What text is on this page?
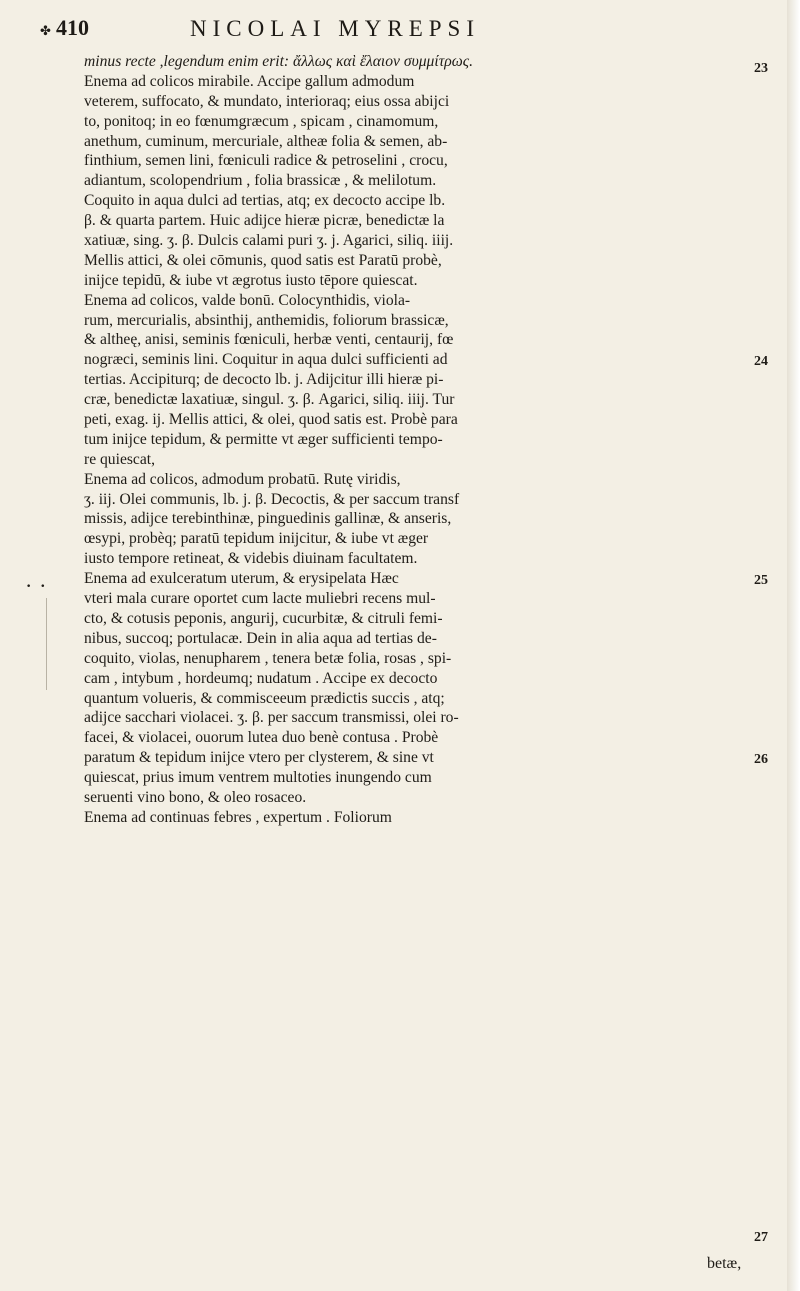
✤ 410	NICOLAI MYREPSI
minus recte ,legendum enim erit: ἄλλως καὶ ἔλαιον συμμίτρως.
Enema ad colicos mirabile. Accipe gallum admodum
veterem, suffocato, & mundato, interioraq; eius ossa abijci
to, ponitoq; in eo fœnumgræcum , spicam , cinamomum,
anethum, cuminum, mercuriale, altheæ folia & semen, ab-
finthium, semen lini, fœniculi radice & petroselini , crocu,
adiantum, scolopendrium , folia brassicæ , & melilotum.
Coquito in aqua dulci ad tertias, atq; ex decocto accipe lb.
β. & quarta partem. Huic adijce hieræ picræ, benedictæ la
xatiuæ, sing. ʒ. β. Dulcis calami puri ʒ. j. Agarici, siliq. iiij.
Mellis attici, & olei cōmunis, quod satis est Paratū probè,
inijce tepidū, & iube vt ægrotus iusto tēpore quiescat.
Enema ad colicos, valde bonū. Colocynthidis, viola-
rum, mercurialis, absinthij, anthemidis, foliorum brassicæ,
& altheę, anisi, seminis fœniculi, herbæ venti, centaurij, fœ
nogræci, seminis lini. Coquitur in aqua dulci sufficienti ad
tertias. Accipiturq; de decocto lb. j. Adijcitur illi hieræ pi-
cræ, benedictæ laxatiuæ, singul. ʒ. β. Agarici, siliq. iiij. Tur
peti, exag. ij. Mellis attici, & olei, quod satis est. Probè para
tum inijce tepidum, & permitte vt æger sufficienti tempo-
re quiescat,
Enema ad colicos, admodum probatū. Rutę viridis,
ʒ. iij. Olei communis, lb. j. β. Decoctis, & per saccum transf
missis, adijce terebinthinæ, pinguedinis gallinæ, & anseris,
œsypi, probèq; paratū tepidum inijcitur, & iube vt æger
iusto tempore retineat, & videbis diuinam facultatem.
Enema ad exulceratum uterum, & erysipelata Hæc
vteri mala curare oportet cum lacte muliebri recens mul-
cto, & cotusis peponis, angurij, cucurbitæ, & citruli femi-
nibus, succoq; portulacæ. Dein in alia aqua ad tertias de-
coquito, violas, nenupharem , tenera betæ folia, rosas , spi-
cam , intybum , hordeumq; nudatum . Accipe ex decocto
quantum volueris, & commisceeum prædictis succis , atq;
adijce sacchari violacei. ʒ. β. per saccum transmissi, olei ro-
facei, & violacei, ouorum lutea duo benè contusa . Probè
paratum & tepidum inijce vtero per clysterem, & sine vt
quiescat, prius imum ventrem multoties inungendo cum
seruenti vino bono, & oleo rosaceo.
Enema ad continuas febres , expertum . Foliorum
23
24
25
26
27
• •
betæ,
